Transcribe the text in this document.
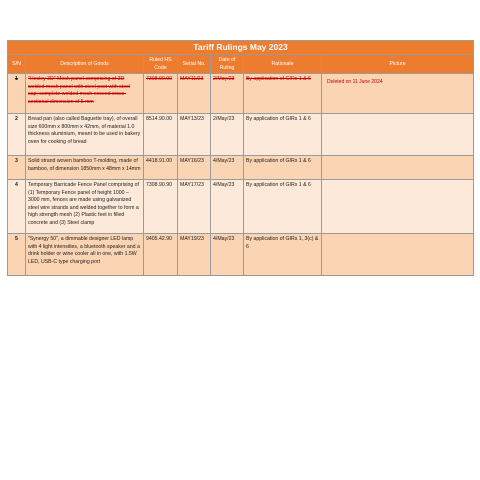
Tariff Rulings May 2023						
S/N	Description of Goods	Ruled HS Code	Serial No.	Date of Ruling	Rationale	Picture
1	"Hesley 3D" Mesh panel comprising of 3D welded mesh panel with steel post with steel cap; complete welded mesh exceed cross-sectional dimension of 5 mm	7308.90.90	MAY11/23	2/May/23	By application of GIRs 1 & 6	Deleted on 11 June 2024
2	Bread pan (also called Baguette tray), of overall size 600mm x 800mm x 42mm, of material 1.0 thickness aluminium, meant to be used in bakery oven for cooking of bread	8514.90.00	MAY13/23	2/May/23	By application of GIRs 1 & 6	
3	Solid strand woven bamboo T-molding, made of bamboo, of dimension 1850mm x 48mm x 14mm	4418.91.00	MAY16/23	4/May/23	By application of GIRs 1 & 6	
4	Temporary Barricade Fence Panel comprising of (1) Temporary Fence panel of height 1000 – 3000 mm, fences are made using galvanized steel wire strands and welded together to form a high strength mesh (2) Plastic feet in filled concrete and (3) Steel clamp	7308.90.90	MAY17/23	4/May/23	By application of GIRs 1 & 6	
5	"Synergy 50", a dimmable designer LED lamp with 4 light intensities, a bluetooth speaker and a drink holder or wine cooler all in one, with 1.5W LED, USB-C type charging port	9405.42.90	MAY19/23	4/May/23	By application of GIRs 1, 3(c) & 6	
